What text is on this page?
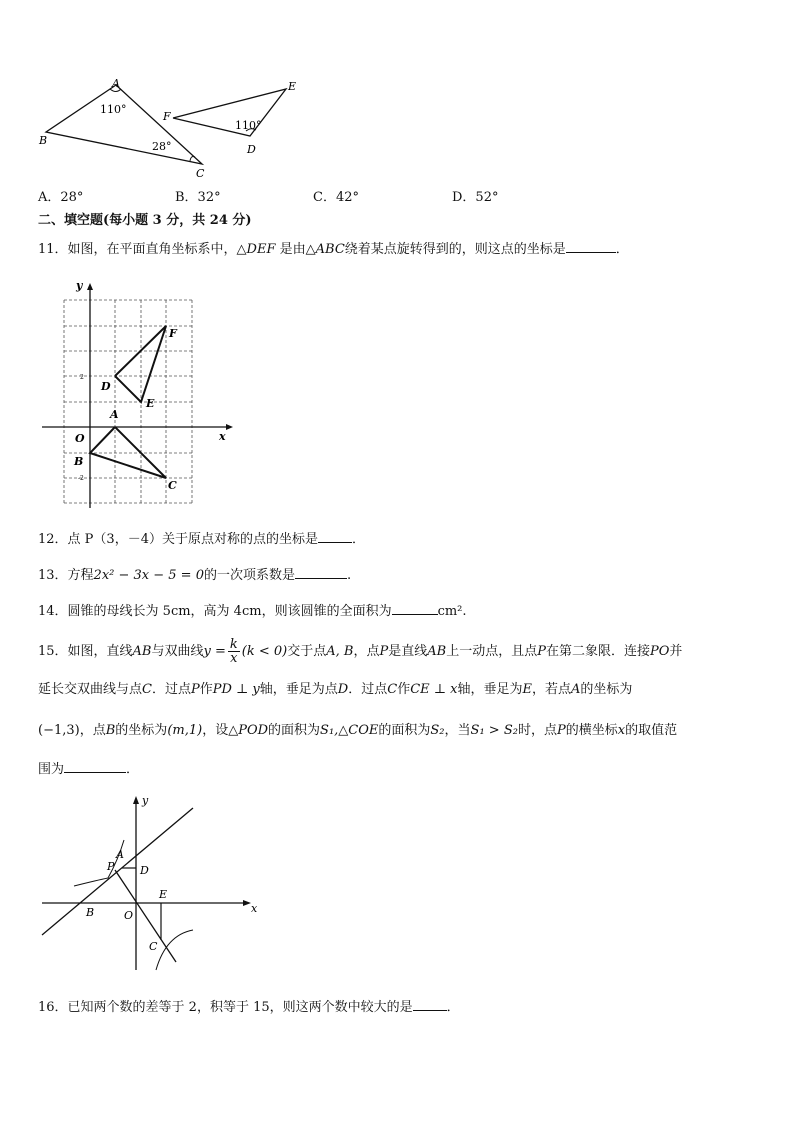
A
B
C
D
E
F
110°
28°
110°
A．28°	B．32°	C．42°	D．52°
二、填空题(每小题 3 分，共 24 分)
11．如图，在平面直角坐标系中，△DEF 是由△ABC绕着某点旋转得到的，则这点的坐标是	．
y
x
O
A
B
C
D
E
F
2
-2
12．点 P（3，－4）关于原点对称的点的坐标是	．
13．方程2x² − 3x − 5 = 0的一次项系数是	.
14．圆锥的母线长为 5cm，高为 4cm，则该圆锥的全面积为	cm².
15．如图，直线AB与双曲线$y = \frac{k}{x} (k < 0)$交于点A, B，点P是直线AB上一动点，且点P在第二象限．连接PO并
延长交双曲线与点C．过点P作PD ⊥ y轴，垂足为点D．过点C作CE ⊥ x轴，垂足为E，若点A的坐标为
(−1,3)，点B的坐标为(m,1)，设△POD的面积为S₁,△COE的面积为S₂，当S₁ > S₂时，点P的横坐标x的取值范
围为	．
y
x
O
A
P D
B
E
C
16．已知两个数的差等于 2，积等于 15，则这两个数中较大的是	．
